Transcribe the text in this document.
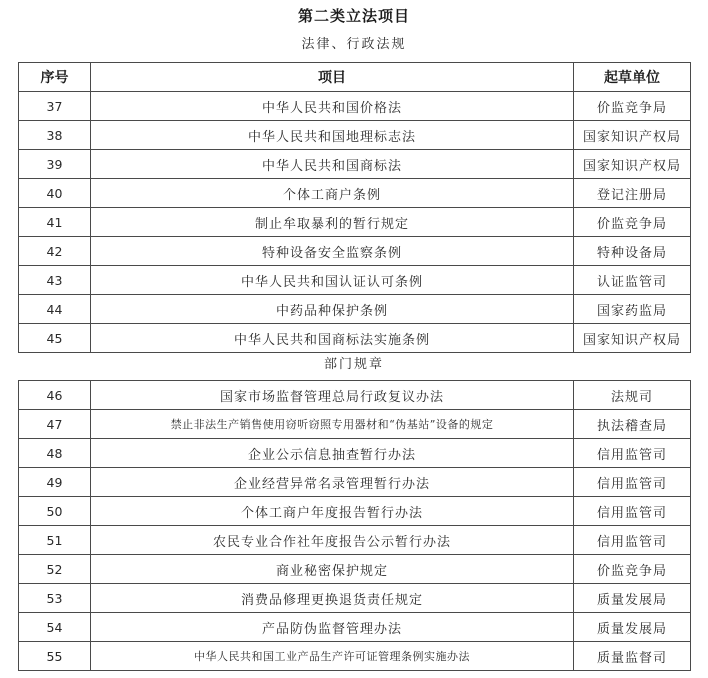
第二类立法项目
法律、行政法规
序号	项目	起草单位
37	中华人民共和国价格法	价监竞争局
38	中华人民共和国地理标志法	国家知识产权局
39	中华人民共和国商标法	国家知识产权局
40	个体工商户条例	登记注册局
41	制止牟取暴利的暂行规定	价监竞争局
42	特种设备安全监察条例	特种设备局
43	中华人民共和国认证认可条例	认证监管司
44	中药品种保护条例	国家药监局
45	中华人民共和国商标法实施条例	国家知识产权局
部门规章
46	国家市场监督管理总局行政复议办法	法规司
47	禁止非法生产销售使用窃听窃照专用器材和“伪基站”设备的规定	执法稽查局
48	企业公示信息抽查暂行办法	信用监管司
49	企业经营异常名录管理暂行办法	信用监管司
50	个体工商户年度报告暂行办法	信用监管司
51	农民专业合作社年度报告公示暂行办法	信用监管司
52	商业秘密保护规定	价监竞争局
53	消费品修理更换退货责任规定	质量发展局
54	产品防伪监督管理办法	质量发展局
55	中华人民共和国工业产品生产许可证管理条例实施办法	质量监督司
